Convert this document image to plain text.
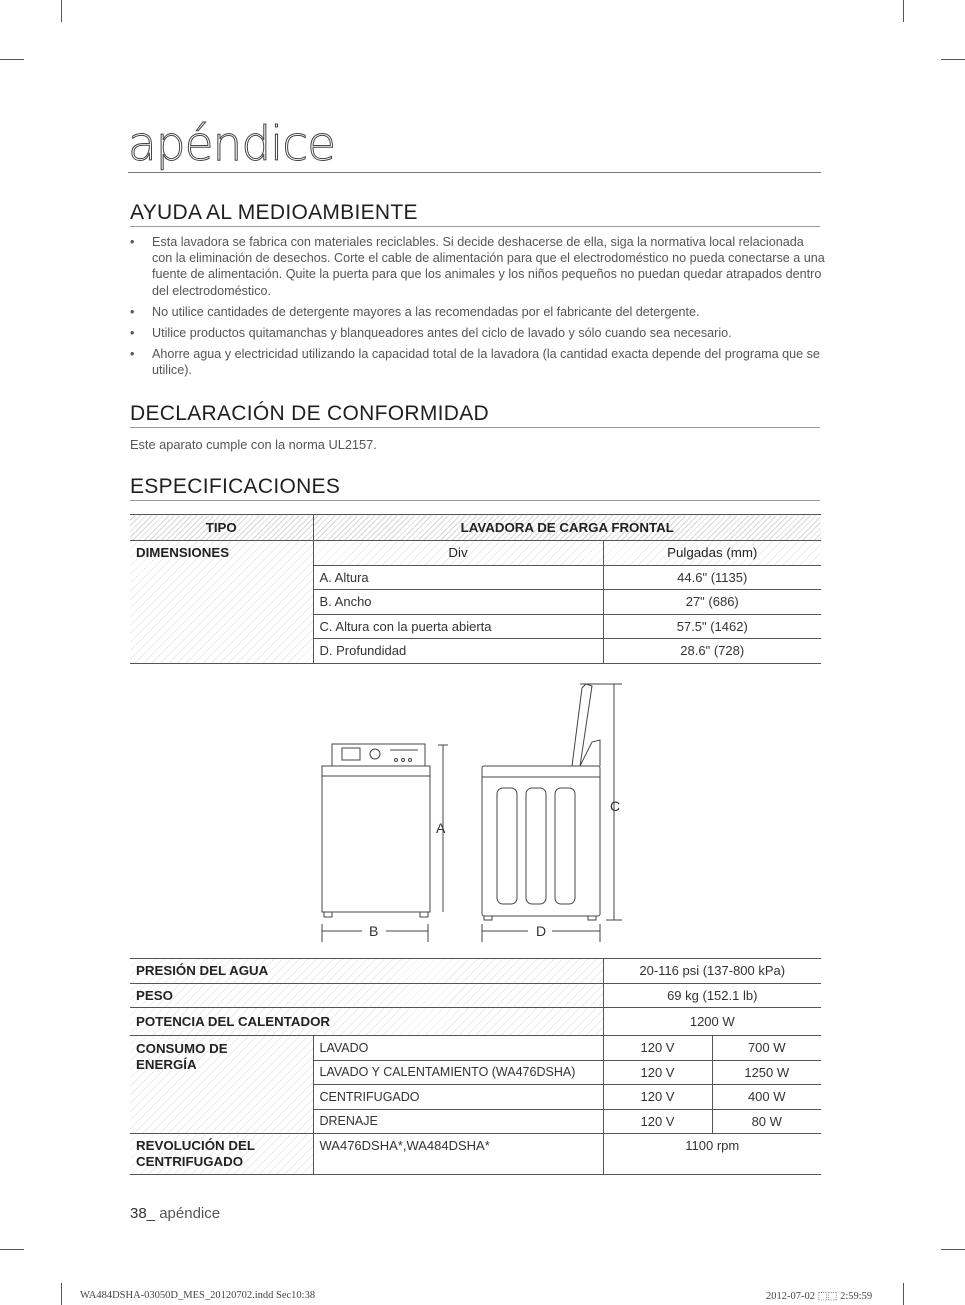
apéndice
AYUDA AL MEDIOAMBIENTE
• Esta lavadora se fabrica con materiales reciclables. Si decide deshacerse de ella, siga la normativa local relacionada con la eliminación de desechos. Corte el cable de alimentación para que el electrodoméstico no pueda conectarse a una fuente de alimentación. Quite la puerta para que los animales y los niños pequeños no puedan quedar atrapados dentro del electrodoméstico.
• No utilice cantidades de detergente mayores a las recomendadas por el fabricante del detergente.
• Utilice productos quitamanchas y blanqueadores antes del ciclo de lavado y sólo cuando sea necesario.
• Ahorre agua y electricidad utilizando la capacidad total de la lavadora (la cantidad exacta depende del programa que se utilice).
DECLARACIÓN DE CONFORMIDAD
Este aparato cumple con la norma UL2157.
ESPECIFICACIONES
TIPO	LAVADORA DE CARGA FRONTAL	
DIMENSIONES	Div	Pulgadas (mm)
	A. Altura	44.6" (1135)
	B. Ancho	27" (686)
	C. Altura con la puerta abierta	57.5" (1462)
	D. Profundidad	28.6" (728)
A
B
C
D
PRESIÓN DEL AGUA		20-116 psi (137-800 kPa)	
PESO		69 kg (152.1 lb)	
POTENCIA DEL CALENTADOR		1200 W	

CONSUMO DE
ENERGÍA	LAVADO	120 V	700 W
	LAVADO Y CALENTAMIENTO (WA476DSHA)	120 V	1250 W
	CENTRIFUGADO	120 V	400 W
	DRENAJE	120 V	80 W

REVOLUCIÓN DEL
CENTRIFUGADO	WA476DSHA*,WA484DSHA*	1100 rpm	
38_ apéndice
WA484DSHA-03050D_MES_20120702.indd Sec10:38	2012-07-02 ⬚⬚ 2:59:59
